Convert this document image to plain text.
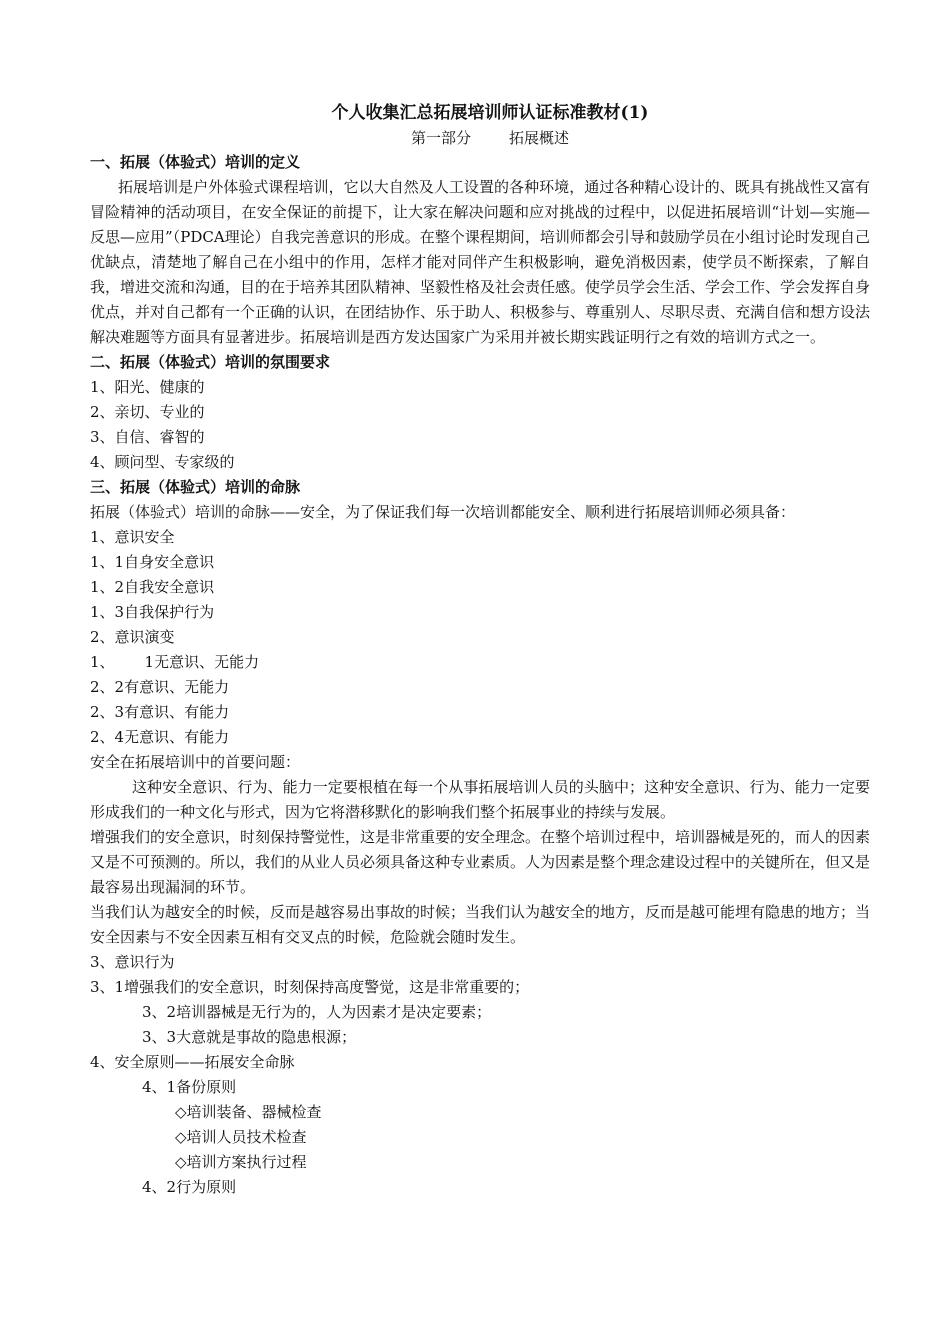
个人收集汇总拓展培训师认证标准教材(1)
第一部分	拓展概述
一、拓展（体验式）培训的定义

拓展培训是户外体验式课程培训，它以大自然及人工设置的各种环境，通过各种精心设计的、既具有挑战性又富有冒险精神的活动项目，在安全保证的前提下，让大家在解决问题和应对挑战的过程中，以促进拓展培训“计划—实施—反思—应用”（PDCA理论）自我完善意识的形成。在整个课程期间，培训师都会引导和鼓励学员在小组讨论时发现自己优缺点，清楚地了解自己在小组中的作用，怎样才能对同伴产生积极影响，避免消极因素，使学员不断探索，了解自我，增进交流和沟通，目的在于培养其团队精神、坚毅性格及社会责任感。使学员学会生活、学会工作、学会发挥自身优点，并对自己都有一个正确的认识，在团结协作、乐于助人、积极参与、尊重别人、尽职尽责、充满自信和想方设法解决难题等方面具有显著进步。拓展培训是西方发达国家广为采用并被长期实践证明行之有效的培训方式之一。

二、拓展（体验式）培训的氛围要求
1、阳光、健康的
2、亲切、专业的
3、自信、睿智的
4、顾问型、专家级的
三、拓展（体验式）培训的命脉

拓展（体验式）培训的命脉——安全，为了保证我们每一次培训都能安全、顺利进行拓展培训师必须具备：

1、意识安全
1、1自身安全意识
1、2自我安全意识
1、3自我保护行为
2、意识演变
1、 1无意识、无能力
2、2有意识、无能力
2、3有意识、有能力
2、4无意识、有能力
安全在拓展培训中的首要问题：

这种安全意识、行为、能力一定要根植在每一个从事拓展培训人员的头脑中；这种安全意识、行为、能力一定要形成我们的一种文化与形式，因为它将潜移默化的影响我们整个拓展事业的持续与发展。

增强我们的安全意识，时刻保持警觉性，这是非常重要的安全理念。在整个培训过程中，培训器械是死的，而人的因素又是不可预测的。所以，我们的从业人员必须具备这种专业素质。人为因素是整个理念建设过程中的关键所在，但又是最容易出现漏洞的环节。

当我们认为越安全的时候，反而是越容易出事故的时候；当我们认为越安全的地方，反而是越可能埋有隐患的地方；当安全因素与不安全因素互相有交叉点的时候，危险就会随时发生。

3、意识行为
3、1增强我们的安全意识，时刻保持高度警觉，这是非常重要的；
3、2培训器械是无行为的，人为因素才是决定要素；
3、3大意就是事故的隐患根源；
4、安全原则——拓展安全命脉
4、1备份原则
◇培训装备、器械检查
◇培训人员技术检查
◇培训方案执行过程
4、2行为原则
